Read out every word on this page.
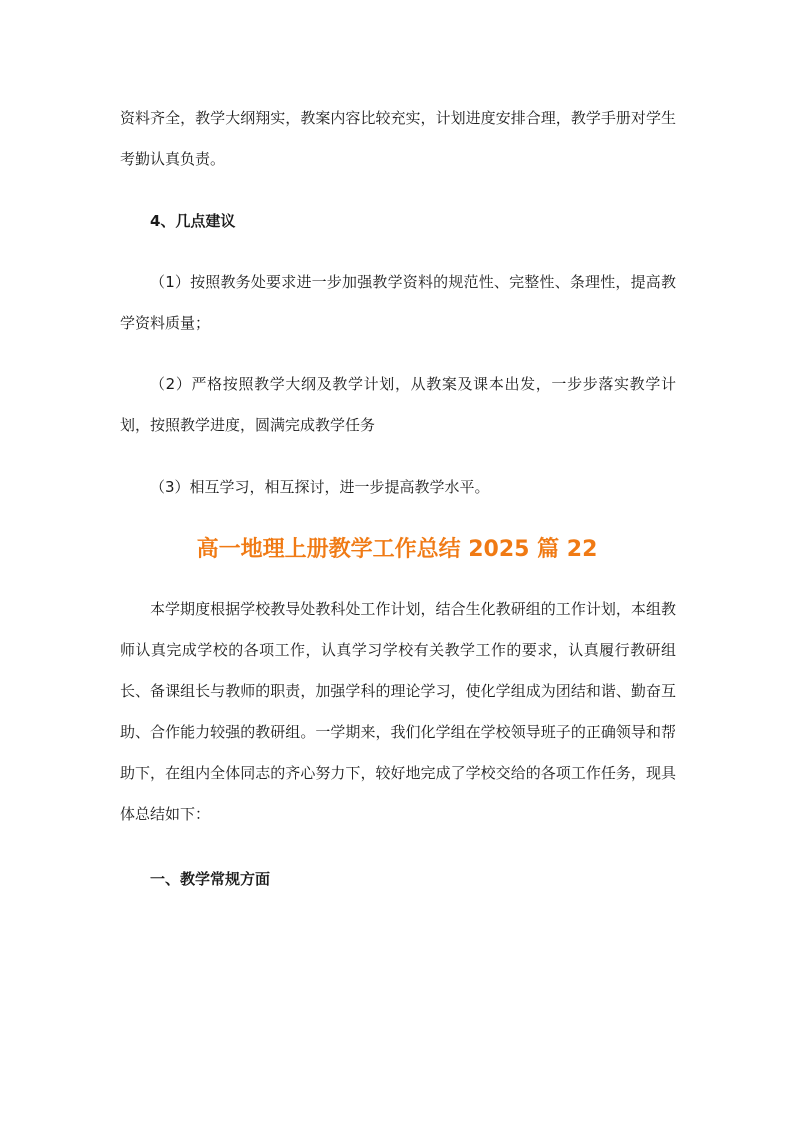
资料齐全，教学大纲翔实，教案内容比较充实，计划进度安排合理，教学手册对学生考勤认真负责。

4、几点建议

（1）按照教务处要求进一步加强教学资料的规范性、完整性、条理性，提高教学资料质量；

（2）严格按照教学大纲及教学计划，从教案及课本出发，一步步落实教学计划，按照教学进度，圆满完成教学任务

（3）相互学习，相互探讨，进一步提高教学水平。

高一地理上册教学工作总结 2025 篇 22

本学期度根据学校教导处教科处工作计划，结合生化教研组的工作计划，本组教师认真完成学校的各项工作，认真学习学校有关教学工作的要求，认真履行教研组长、备课组长与教师的职责，加强学科的理论学习，使化学组成为团结和谐、勤奋互助、合作能力较强的教研组。一学期来，我们化学组在学校领导班子的正确领导和帮助下，在组内全体同志的齐心努力下，较好地完成了学校交给的各项工作任务，现具体总结如下：

一、教学常规方面
